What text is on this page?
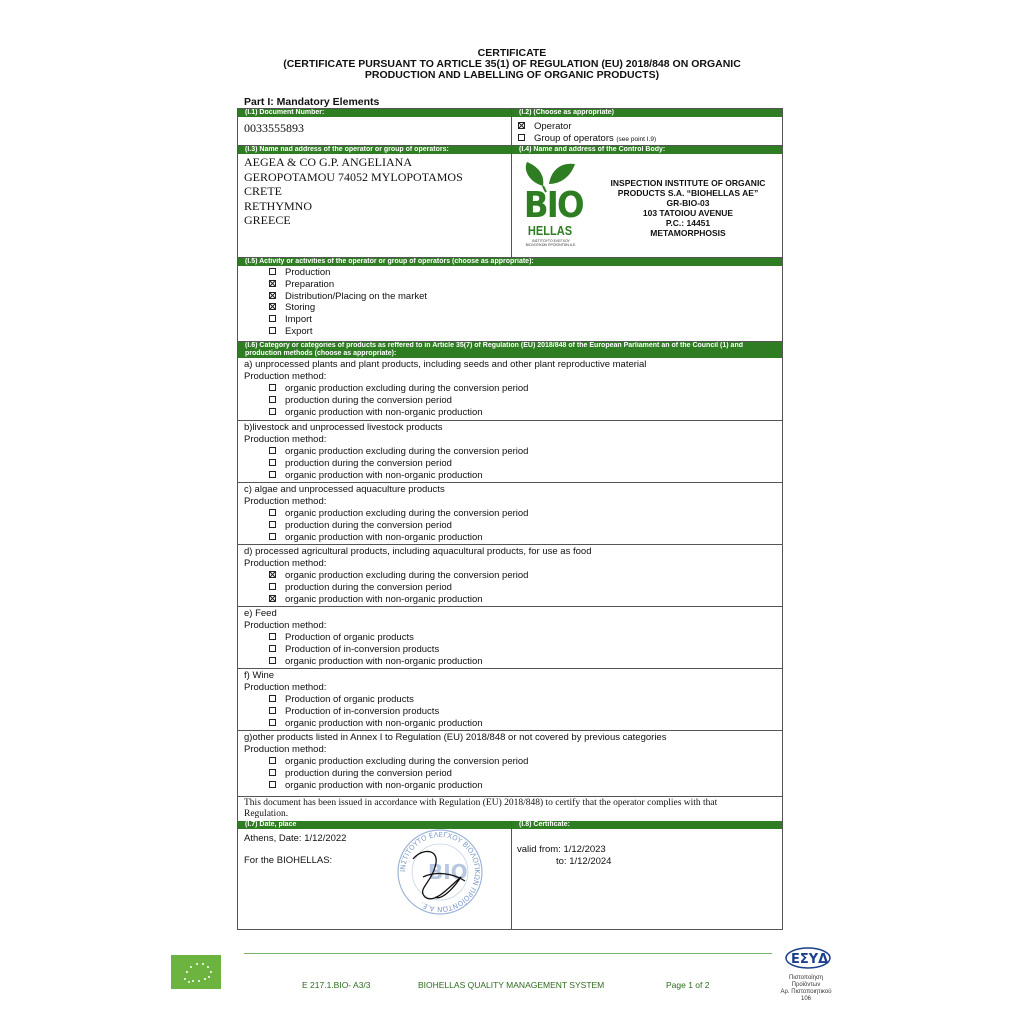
CERTIFICATE
(CERTIFICATE PURSUANT TO ARTICLE 35(1) OF REGULATION (EU) 2018/848 ON ORGANIC
PRODUCTION AND LABELLING OF ORGANIC PRODUCTS)
Part I: Mandatory Elements
(I.1) Document Number:	(I.2) (Choose as appropriate)
0033555893	Operator
Group of operators (see point I.9)
(I.3) Name nad address of the operator or group of operators:	(I.4) Name and address of the Control Body:
AEGEA & CO G.P. ANGELIANA
GEROPOTAMOU 74052 MYLOPOTAMOS
CRETE
RETHYMNO
GREECE	BIO
HELLAS
ΙΝΣΤΙΤΟΥΤΟ ΕΛΕΓΧΟΥ ΒΙΟΛΟΓΙΚΩΝ ΠΡΟΪΟΝΤΩΝ Α.Ε.
INSPECTION INSTITUTE OF ORGANIC
PRODUCTS S.A. “BIOHELLAS AE”
GR-BIO-03
103 TATOIOU AVENUE
P.C.: 14451
METAMORPHOSIS
(I.5) Activity or activities of the operator or group of operators (choose as appropriate):
Production
Preparation
Distribution/Placing on the market
Storing
Import
Export
(I.6) Category or categories of products as reffered to in Article 35(7) of Regulation (EU) 2018/848 of the European Parliament an of the Council (1) and production methods (choose as appropriate):
a) unprocessed plants and plant products, including seeds and other plant reproductive material
Production method:
organic production excluding during the conversion period
production during the conversion period
organic production with non-organic production
b)livestock and unprocessed livestock products
Production method:
organic production excluding during the conversion period
production during the conversion period
organic production with non-organic production
c) algae and unprocessed aquaculture products
Production method:
organic production excluding during the conversion period
production during the conversion period
organic production with non-organic production
d) processed agricultural products, including aquacultural products, for use as food
Production method:
organic production excluding during the conversion period
production during the conversion period
organic production with non-organic production
e) Feed
Production method:
Production of organic products
Production of in-conversion products
organic production with non-organic production
f) Wine
Production method:
Production of organic products
Production of in-conversion products
organic production with non-organic production
g)other products listed in Annex I to Regulation (EU) 2018/848 or not covered by previous categories
Production method:
organic production excluding during the conversion period
production during the conversion period
organic production with non-organic production
This document has been issued in accordance with Regulation (EU) 2018/848) to certify that the operator complies with that
Regulation.
(I.7) Date, place	(I.8) Certificate:
Athens, Date: 1/12/2022
For the BIOHELLAS:
valid from: 1/12/2023
to: 1/12/2024
ΙΝΣΤΙΤΟΥΤΟ ΕΛΕΓΧΟΥ ΒΙΟΛΟΓΙΚΩΝ ΠΡΟΪΟΝΤΩΝ Α.Ε.
BIO
E 217.1.BIO- A3/3	BIOHELLAS QUALITY MANAGEMENT SYSTEM	Page 1 of 2
ΕΣΥΔ
Πιστοποίηση Προϊόντων
Αρ. Πιστοποιητικού 106
